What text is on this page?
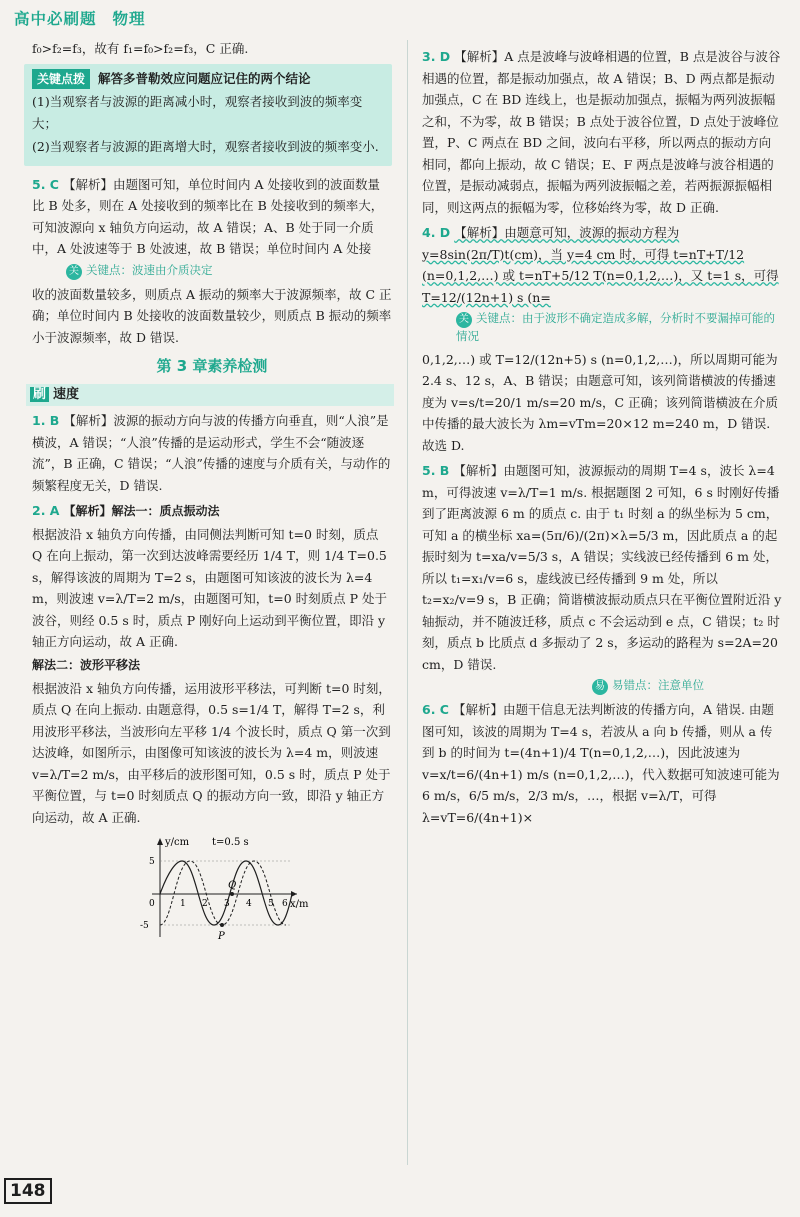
高中必刷题 物理

f₀>f₂=f₃，故有 f₁=f₀>f₂=f₃，C 正确.

关键点拨 解答多普勒效应问题应记住的两个结论

(1)当观察者与波源的距离减小时，观察者接收到波的频率变大；

(2)当观察者与波源的距离增大时，观察者接收到波的频率变小.

5. C 【解析】由题图可知，单位时间内 A 处接收到的波面数量比 B 处多，则在 A 处接收到的频率比在 B 处接收到的频率大，可知波源向 x 轴负方向运动，故 A 错误；A、B 处于同一介质中，A 处波速等于 B 处波速，故 B 错误；单位时间内 A 处接

关 关键点：波速由介质决定

收的波面数量较多，则质点 A 振动的频率大于波源频率，故 C 正确；单位时间内 B 处接收的波面数量较少，则质点 B 振动的频率小于波源频率，故 D 错误.

第 3 章素养检测
刷 速度

1. B 【解析】波源的振动方向与波的传播方向垂直，则“人浪”是横波，A 错误；“人浪”传播的是运动形式，学生不会“随波逐流”，B 正确，C 错误；“人浪”传播的速度与介质有关，与动作的频繁程度无关，D 错误.

2. A 【解析】解法一：质点振动法

根据波沿 x 轴负方向传播，由同侧法判断可知 t=0 时刻，质点 Q 在向上振动，第一次到达波峰需要经历 1/4 T，则 1/4 T=0.5 s，解得该波的周期为 T=2 s，由题图可知该波的波长为 λ=4 m，则波速 v=λ/T=2 m/s，由题图可知，t=0 时刻质点 P 处于波谷，则经 0.5 s 时，质点 P 刚好向上运动到平衡位置，即沿 y 轴正方向运动，故 A 正确.

解法二：波形平移法

根据波沿 x 轴负方向传播，运用波形平移法，可判断 t=0 时刻，质点 Q 在向上振动. 由题意得，0.5 s=1/4 T，解得 T=2 s，利用波形平移法，当波形向左平移 1/4 个波长时，质点 Q 第一次到达波峰，如图所示，由图像可知该波的波长为 λ=4 m，则波速 v=λ/T=2 m/s，由平移后的波形图可知，0.5 s 时，质点 P 处于平衡位置，与 t=0 时刻质点 Q 的振动方向一致，即沿 y 轴正方向运动，故 A 正确.

y/cm t=0.5 s
x/m
5
0
-5
1 2 3 4 5 6
Q
P

3. D 【解析】A 点是波峰与波峰相遇的位置，B 点是波谷与波谷相遇的位置，都是振动加强点，故 A 错误；B、D 两点都是振动加强点，C 在 BD 连线上，也是振动加强点，振幅为两列波振幅之和，不为零，故 B 错误；B 点处于波谷位置，D 点处于波峰位置，P、C 两点在 BD 之间，波向右平移，所以两点的振动方向相同，都向上振动，故 C 错误；E、F 两点是波峰与波谷相遇的位置，是振动减弱点，振幅为两列波振幅之差，若两振源振幅相同，则这两点的振幅为零，位移始终为零，故 D 正确.

4. D 【解析】由题意可知，波源的振动方程为 y=8sin(2π/T)t(cm)，当 y=4 cm 时，可得 t=nT+T/12 (n=0,1,2,…) 或 t=nT+5/12 T(n=0,1,2,…)，又 t=1 s，可得 T=12/(12n+1) s (n=

关 关键点：由于波形不确定造成多解，分析时不要漏掉可能的情况

0,1,2,…) 或 T=12/(12n+5) s (n=0,1,2,…)，所以周期可能为 2.4 s、12 s，A、B 错误；由题意可知，该列简谐横波的传播速度为 v=s/t=20/1 m/s=20 m/s，C 正确；该列简谐横波在介质中传播的最大波长为 λm=vTm=20×12 m=240 m，D 错误. 故选 D.

5. B 【解析】由题图可知，波源振动的周期 T=4 s，波长 λ=4 m，可得波速 v=λ/T=1 m/s. 根据题图 2 可知，6 s 时刚好传播到了距离波源 6 m 的质点 c. 由于 t₁ 时刻 a 的纵坐标为 5 cm，可知 a 的横坐标 xa=(5π/6)/(2π)×λ=5/3 m，因此质点 a 的起振时刻为 t=xa/v=5/3 s，A 错误；实线波已经传播到 6 m 处，所以 t₁=x₁/v=6 s，虚线波已经传播到 9 m 处，所以 t₂=x₂/v=9 s，B 正确；简谐横波振动质点只在平衡位置附近沿 y 轴振动，并不随波迁移，质点 c 不会运动到 e 点，C 错误；t₂ 时刻，质点 b 比质点 d 多振动了 2 s，多运动的路程为 s=2A=20 cm，D 错误.

易 易错点：注意单位

6. C 【解析】由题干信息无法判断波的传播方向，A 错误. 由题图可知，该波的周期为 T=4 s，若波从 a 向 b 传播，则从 a 传到 b 的时间为 t=(4n+1)/4 T(n=0,1,2,…)，因此波速为 v=x/t=6/(4n+1) m/s (n=0,1,2,…)，代入数据可知波速可能为 6 m/s，6/5 m/s，2/3 m/s，…，根据 v=λ/T，可得 λ=vT=6/(4n+1)×

148
